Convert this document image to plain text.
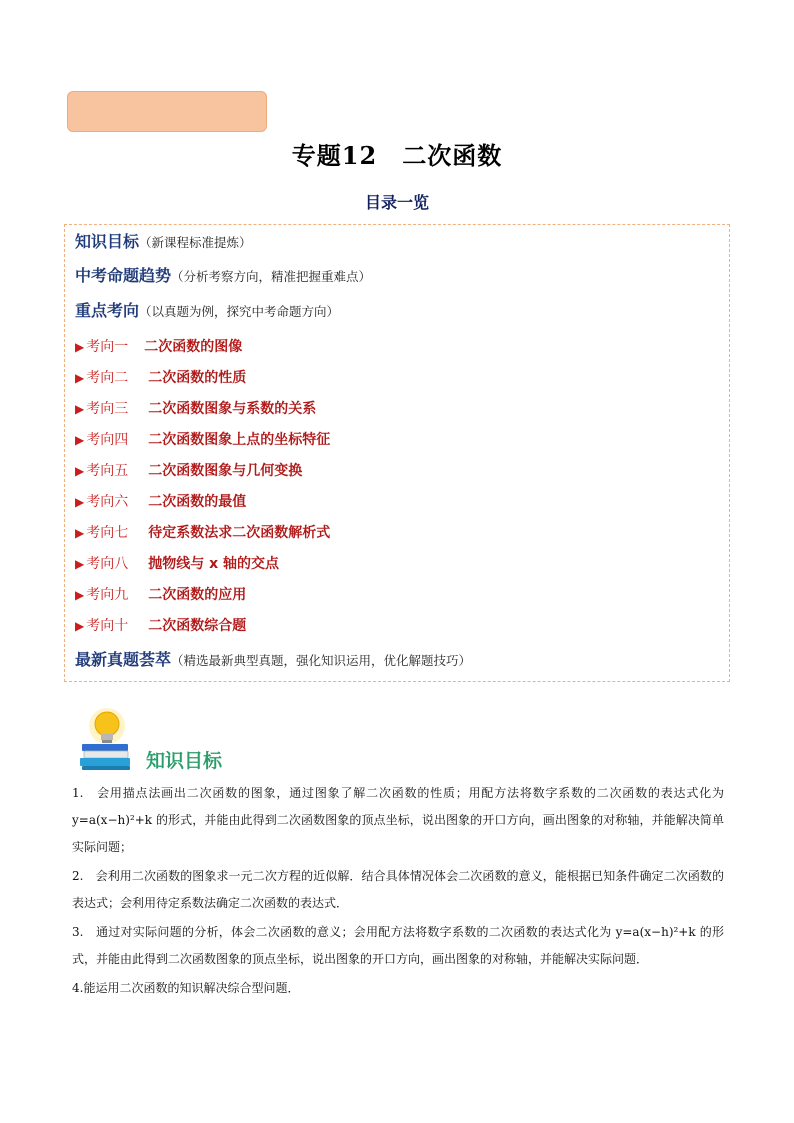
专题12　二次函数
目录一览
知识目标（新课程标准提炼）
中考命题趋势（分析考察方向，精准把握重难点）
重点考向（以真题为例，探究中考命题方向）
▶ 考向一 二次函数的图像
▶ 考向二 二次函数的性质
▶ 考向三 二次函数图象与系数的关系
▶ 考向四 二次函数图象上点的坐标特征
▶ 考向五 二次函数图象与几何变换
▶ 考向六 二次函数的最值
▶ 考向七 待定系数法求二次函数解析式
▶ 考向八 抛物线与 x 轴的交点
▶ 考向九 二次函数的应用
▶ 考向十 二次函数综合题
最新真题荟萃（精选最新典型真题，强化知识运用，优化解题技巧）
知识目标

1.　会用描点法画出二次函数的图象，通过图象了解二次函数的性质；用配方法将数字系数的二次函数的表达式化为 y=a(x−h)²+k 的形式，并能由此得到二次函数图象的顶点坐标，说出图象的开口方向，画出图象的对称轴，并能解决简单实际问题；

2.　会利用二次函数的图象求一元二次方程的近似解．结合具体情况体会二次函数的意义，能根据已知条件确定二次函数的表达式；会利用待定系数法确定二次函数的表达式．

3.　通过对实际问题的分析，体会二次函数的意义；会用配方法将数字系数的二次函数的表达式化为 y=a(x−h)²+k 的形式，并能由此得到二次函数图象的顶点坐标，说出图象的开口方向，画出图象的对称轴，并能解决实际问题．

4.能运用二次函数的知识解决综合型问题．
